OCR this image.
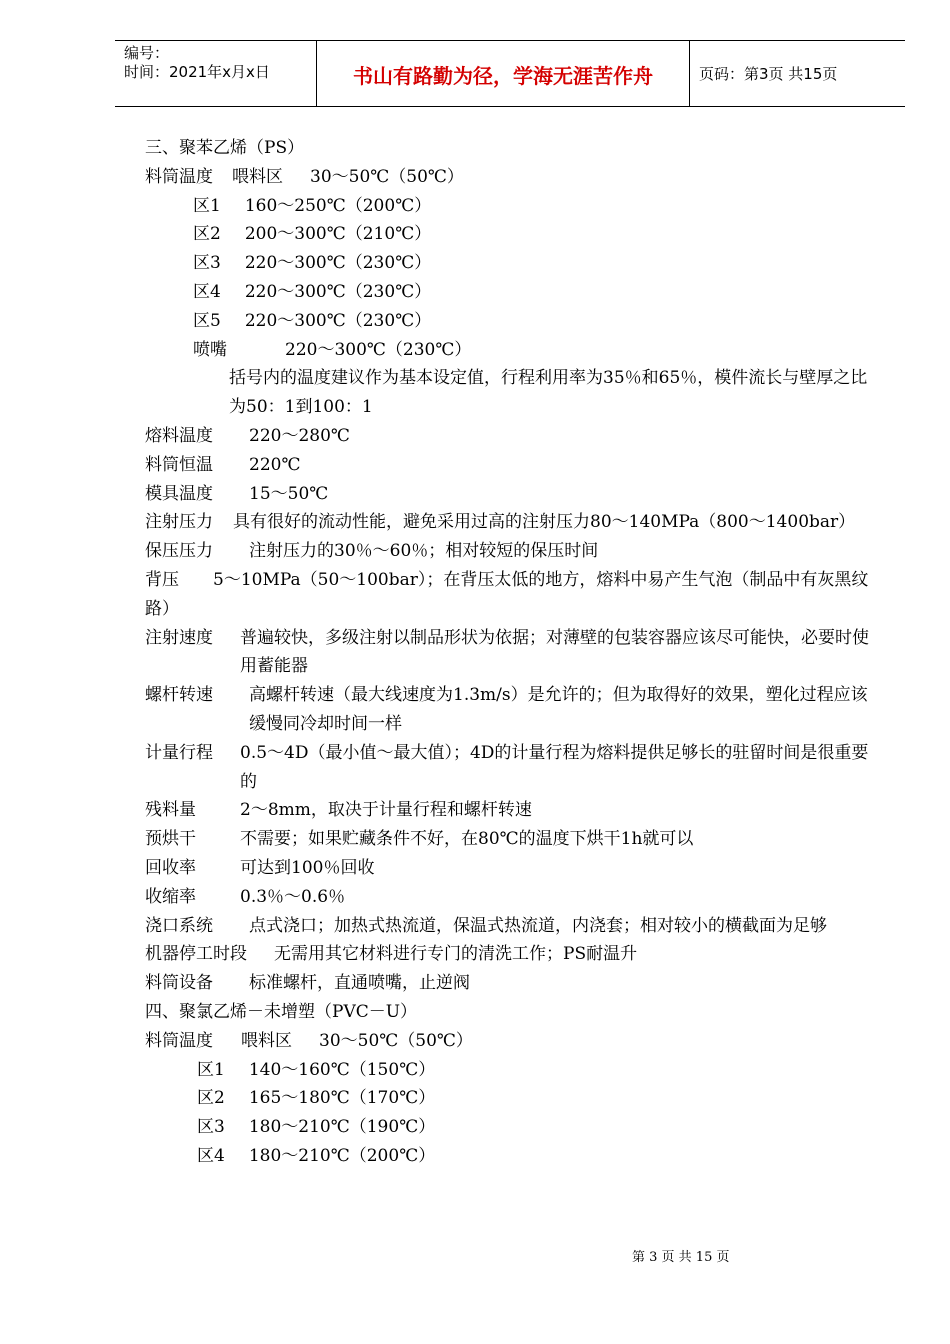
编号：
时间：2021年x月x日	书山有路勤为径，学海无涯苦作舟	页码：第3页 共15页
三、聚苯乙烯（PS）
料筒温度 喂料区 30～50℃（50℃）
区1 160～250℃（200℃）
区2 200～300℃（210℃）
区3 220～300℃（230℃）
区4 220～300℃（230℃）
区5 220～300℃（230℃）
喷嘴	220～300℃（230℃）
括号内的温度建议作为基本设定值，行程利用率为35％和65％，模件流长与壁厚之比为50：1到100：1
熔料温度	220～280℃
料筒恒温	220℃
模具温度	15～50℃
注射压力 具有很好的流动性能，避免采用过高的注射压力80～140MPa（800～1400bar）
保压压力	注射压力的30％～60％；相对较短的保压时间
背压 5～10MPa（50～100bar）；在背压太低的地方，熔料中易产生气泡（制品中有灰黑纹路）
注射速度	普遍较快，多级注射以制品形状为依据；对薄壁的包装容器应该尽可能快，必要时使用蓄能器
螺杆转速	高螺杆转速（最大线速度为1.3m/s）是允许的；但为取得好的效果，塑化过程应该缓慢同冷却时间一样
计量行程	0.5～4D（最小值～最大值）；4D的计量行程为熔料提供足够长的驻留时间是很重要的
残料量	2～8mm，取决于计量行程和螺杆转速
预烘干	不需要；如果贮藏条件不好，在80℃的温度下烘干1h就可以
回收率	可达到100％回收
收缩率	0.3％～0.6％
浇口系统	点式浇口；加热式热流道，保温式热流道，内浇套；相对较小的横截面为足够
机器停工时段	无需用其它材料进行专门的清洗工作；PS耐温升
料筒设备	标准螺杆，直通喷嘴，止逆阀
四、聚氯乙烯－未增塑（PVC－U）
料筒温度 喂料区 30～50℃（50℃）
区1 140～160℃（150℃）
区2 165～180℃（170℃）
区3 180～210℃（190℃）
区4 180～210℃（200℃）
第 3 页 共 15 页
